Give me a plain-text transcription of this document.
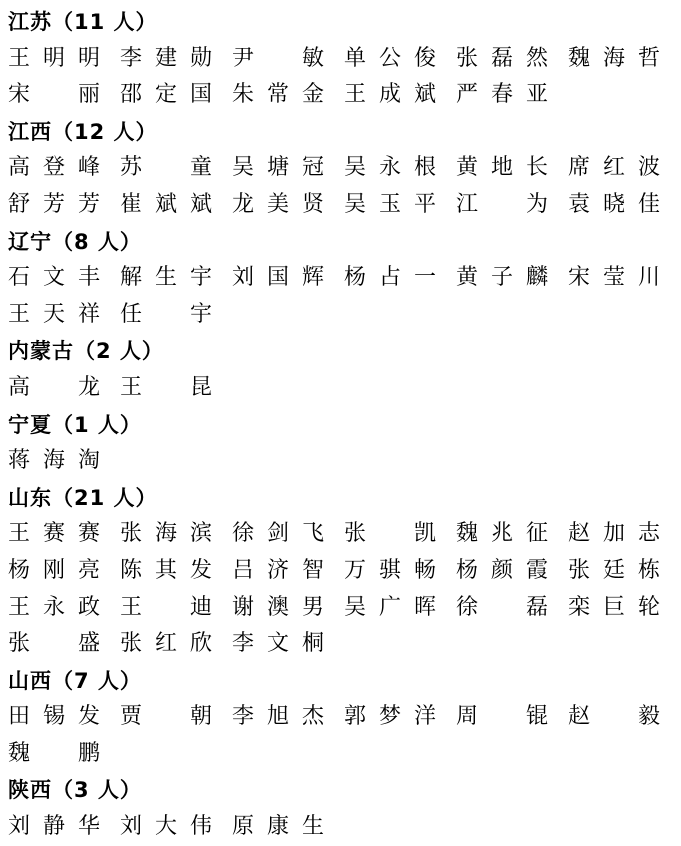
江苏（11 人）
王 明 明 李 建 勋 尹 敏 单 公 俊 张 磊 然 魏 海 哲
宋 丽 邵 定 国 朱 常 金 王 成 斌 严 春 亚
江西（12 人）
高 登 峰 苏 童 吴 塘 冠 吴 永 根 黄 地 长 席 红 波
舒 芳 芳 崔 斌 斌 龙 美 贤 吴 玉 平 江 为 袁 晓 佳
辽宁（8 人）
石 文 丰 解 生 宇 刘 国 辉 杨 占 一 黄 子 麟 宋 莹 川
王 天 祥 任 宇
内蒙古（2 人）
高 龙 王 昆
宁夏（1 人）
蒋 海 淘
山东（21 人）
王 赛 赛 张 海 滨 徐 剑 飞 张 凯 魏 兆 征 赵 加 志
杨 刚 亮 陈 其 发 吕 济 智 万 骐 畅 杨 颜 霞 张 廷 栋
王 永 政 王 迪 谢 澳 男 吴 广 晖 徐 磊 栾 巨 轮
张 盛 张 红 欣 李 文 桐
山西（7 人）
田 锡 发 贾 朝 李 旭 杰 郭 梦 洋 周 锟 赵 毅
魏 鹏
陕西（3 人）
刘 静 华 刘 大 伟 原 康 生
